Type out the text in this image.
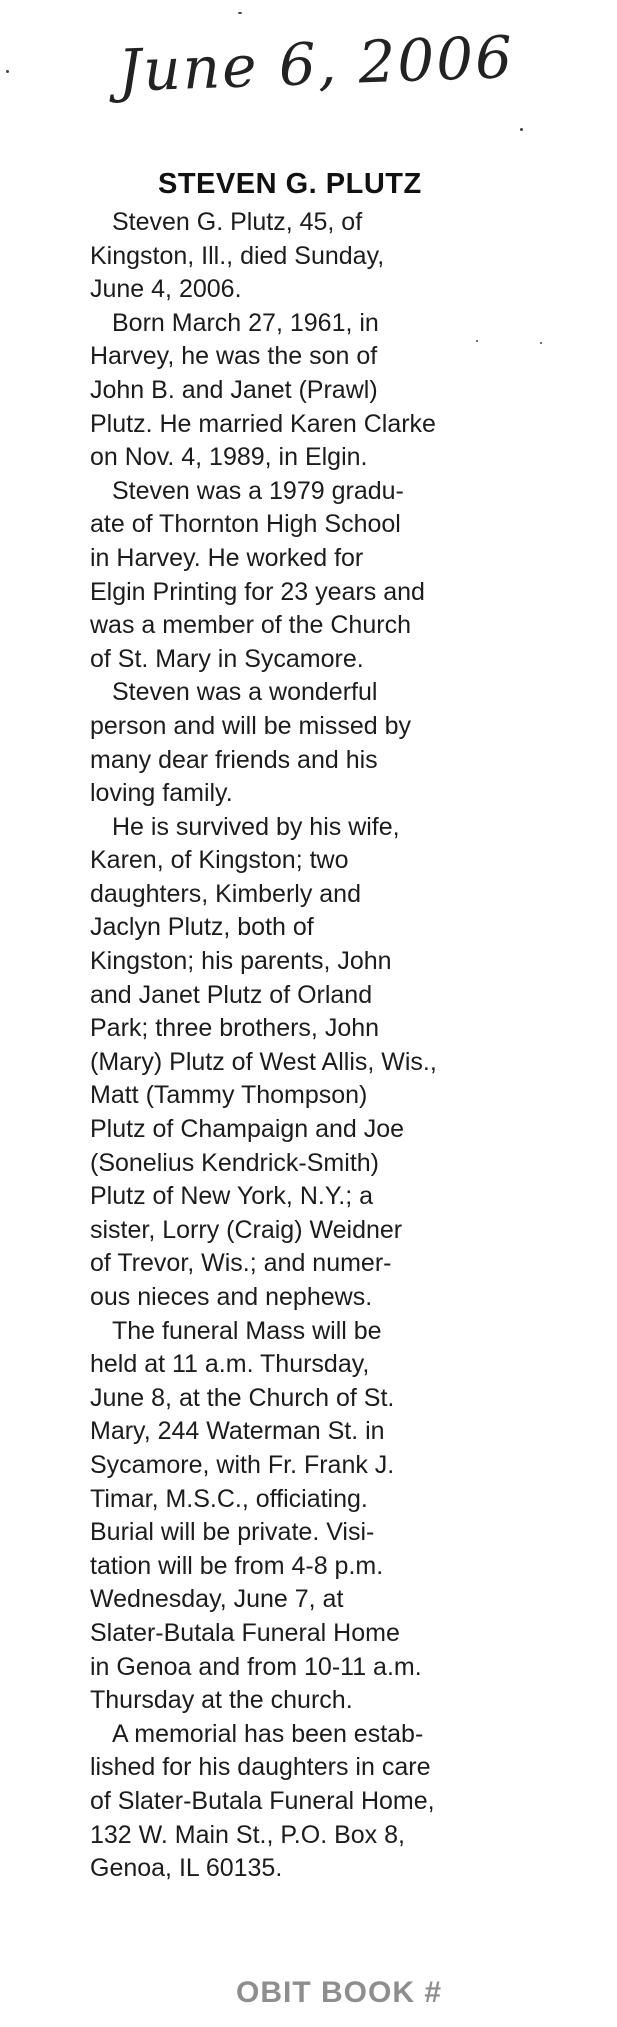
June 6, 2006
STEVEN G. PLUTZ
Steven G. Plutz, 45, of
Kingston, Ill., died Sunday,
June 4, 2006.
Born March 27, 1961, in
Harvey, he was the son of
John B. and Janet (Prawl)
Plutz. He married Karen Clarke
on Nov. 4, 1989, in Elgin.
Steven was a 1979 gradu-
ate of Thornton High School
in Harvey. He worked for
Elgin Printing for 23 years and
was a member of the Church
of St. Mary in Sycamore.
Steven was a wonderful
person and will be missed by
many dear friends and his
loving family.
He is survived by his wife,
Karen, of Kingston; two
daughters, Kimberly and
Jaclyn Plutz, both of
Kingston; his parents, John
and Janet Plutz of Orland
Park; three brothers, John
(Mary) Plutz of West Allis, Wis.,
Matt (Tammy Thompson)
Plutz of Champaign and Joe
(Sonelius Kendrick-Smith)
Plutz of New York, N.Y.; a
sister, Lorry (Craig) Weidner
of Trevor, Wis.; and numer-
ous nieces and nephews.
The funeral Mass will be
held at 11 a.m. Thursday,
June 8, at the Church of St.
Mary, 244 Waterman St. in
Sycamore, with Fr. Frank J.
Timar, M.S.C., officiating.
Burial will be private. Visi-
tation will be from 4-8 p.m.
Wednesday, June 7, at
Slater-Butala Funeral Home
in Genoa and from 10-11 a.m.
Thursday at the church.
A memorial has been estab-
lished for his daughters in care
of Slater-Butala Funeral Home,
132 W. Main St., P.O. Box 8,
Genoa, IL 60135.
OBIT BOOK #
